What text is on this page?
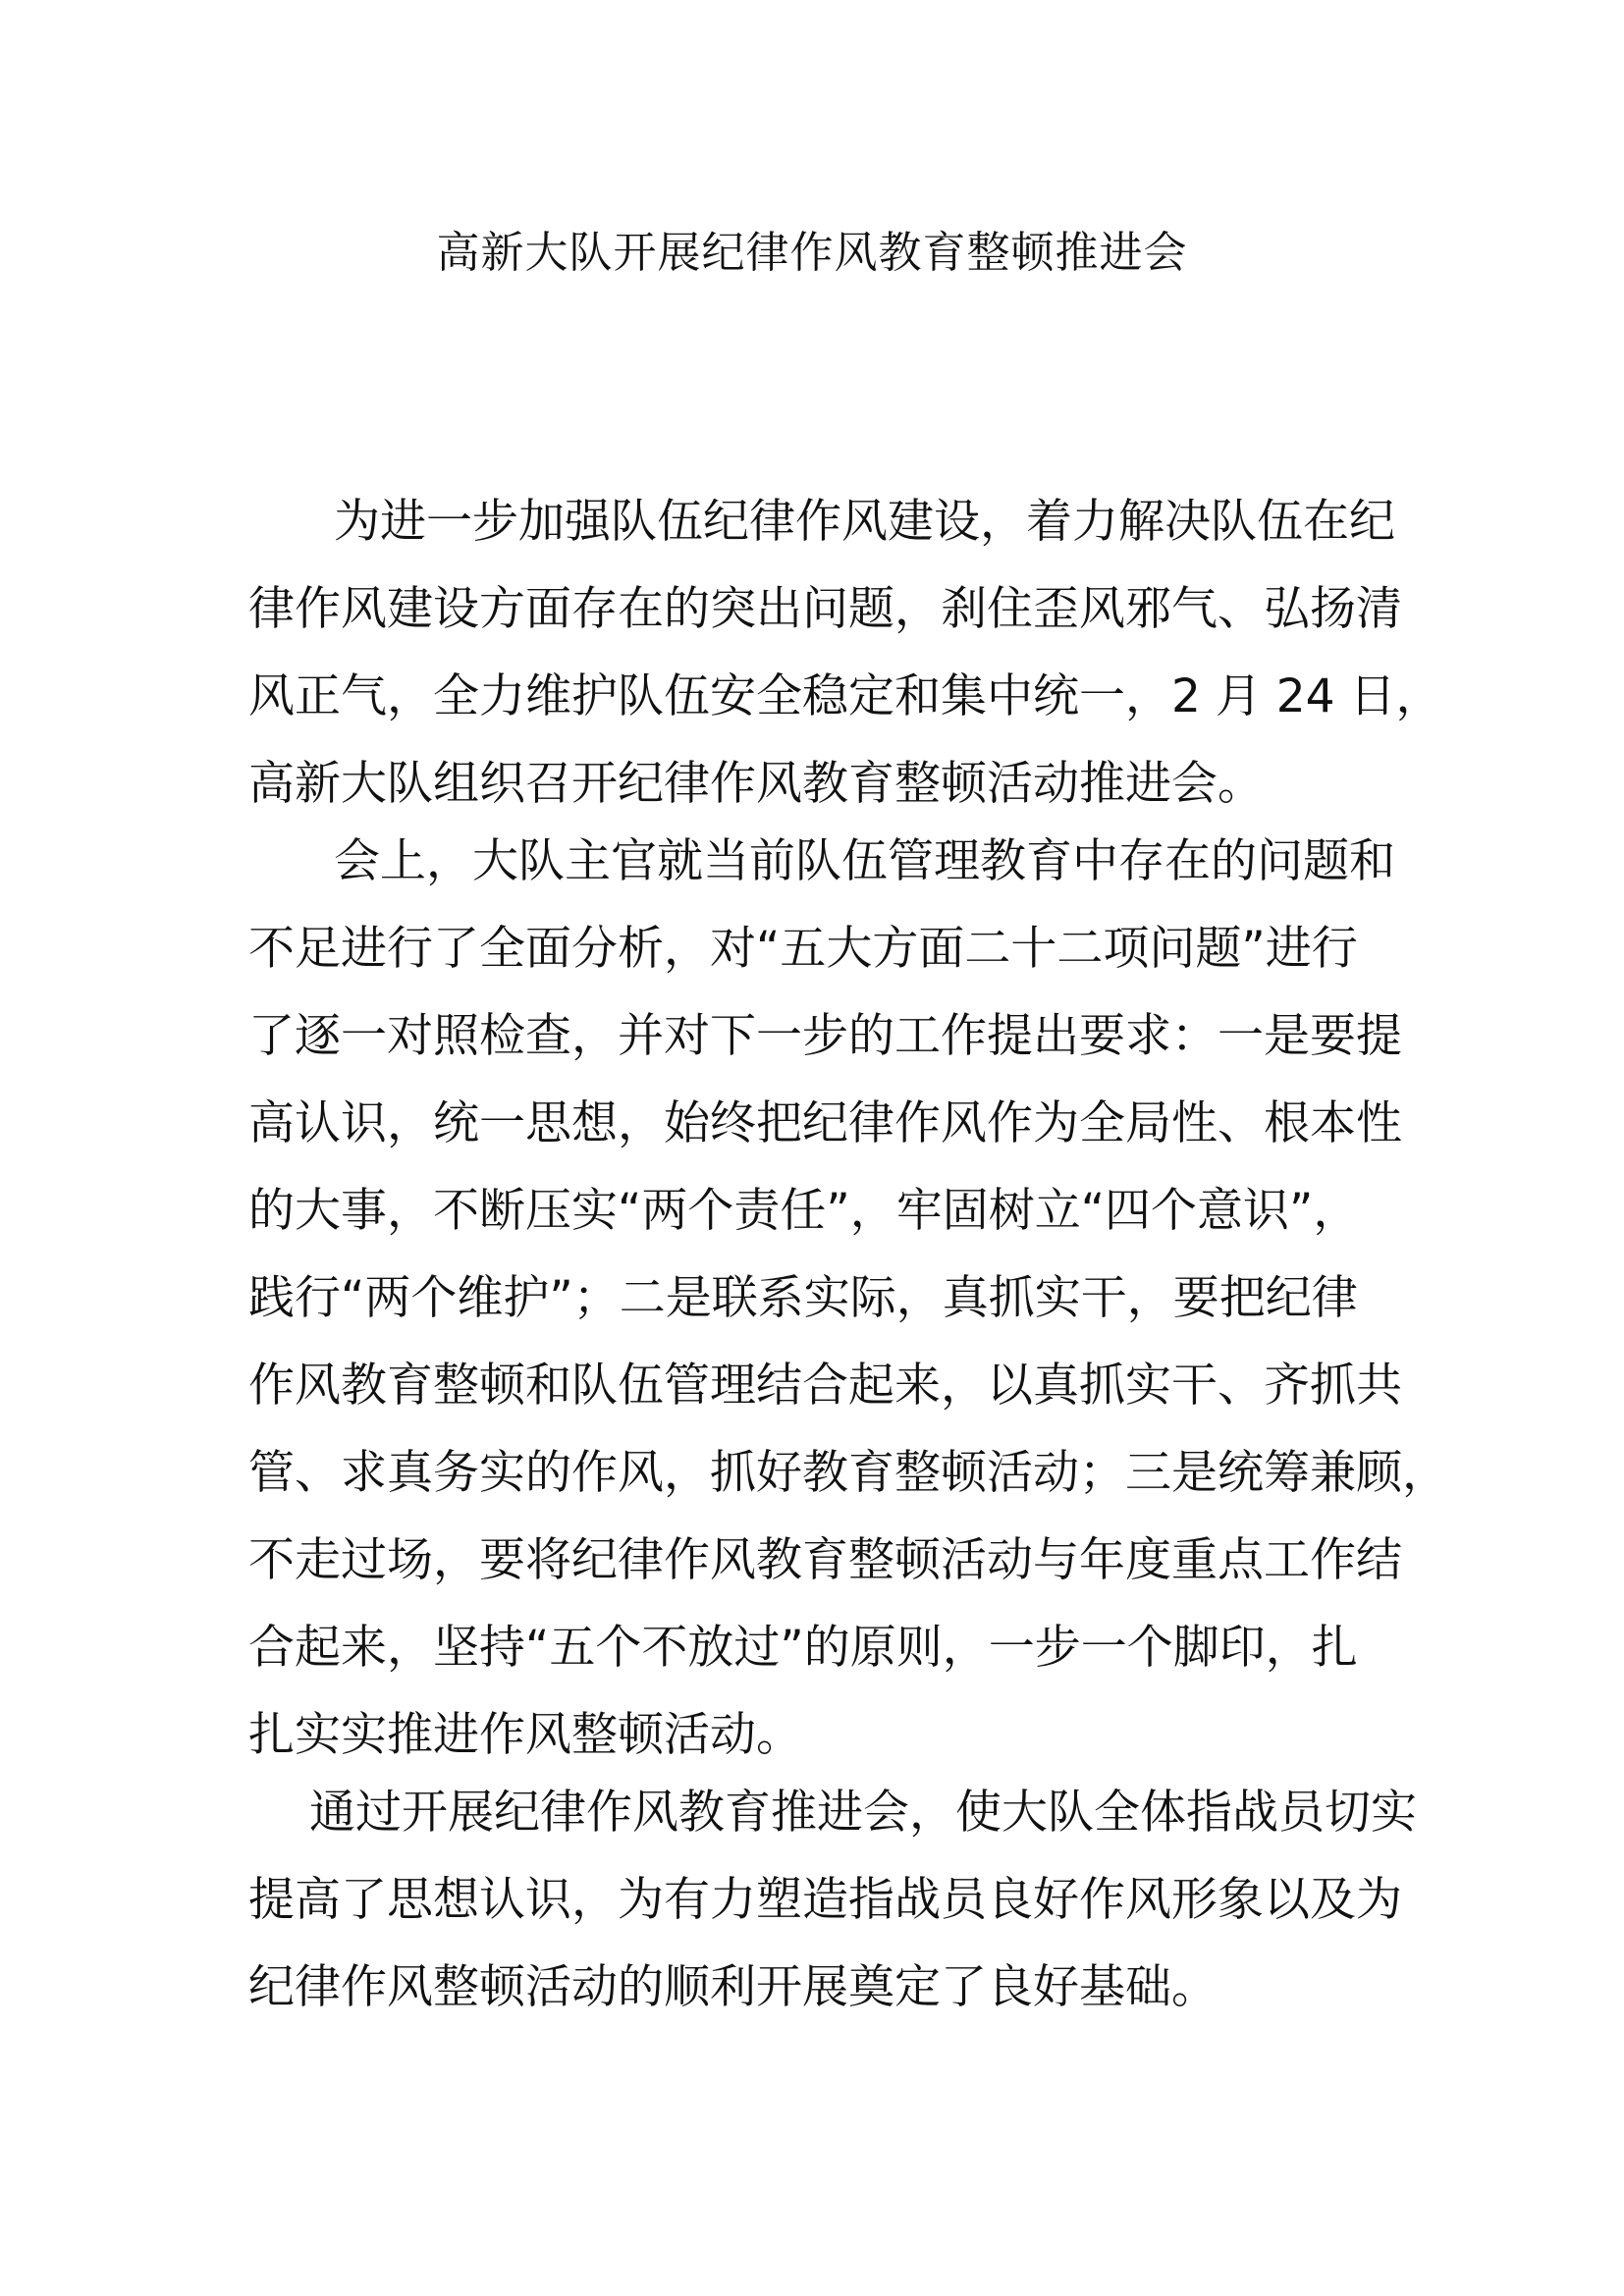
高新大队开展纪律作风教育整顿推进会

为进一步加强队伍纪律作风建设，着力解决队伍在纪

律作风建设方面存在的突出问题，刹住歪风邪气、弘扬清

风正气，全力维护队伍安全稳定和集中统一，2 月 24 日，

高新大队组织召开纪律作风教育整顿活动推进会。

会上，大队主官就当前队伍管理教育中存在的问题和

不足进行了全面分析，对“五大方面二十二项问题”进行

了逐一对照检查，并对下一步的工作提出要求：一是要提

高认识，统一思想，始终把纪律作风作为全局性、根本性

的大事，不断压实“两个责任”，牢固树立“四个意识”，

践行“两个维护”；二是联系实际，真抓实干，要把纪律

作风教育整顿和队伍管理结合起来，以真抓实干、齐抓共

管、求真务实的作风，抓好教育整顿活动；三是统筹兼顾，

不走过场，要将纪律作风教育整顿活动与年度重点工作结

合起来，坚持“五个不放过”的原则，一步一个脚印，扎

扎实实推进作风整顿活动。

通过开展纪律作风教育推进会，使大队全体指战员切实

提高了思想认识，为有力塑造指战员良好作风形象以及为

纪律作风整顿活动的顺利开展奠定了良好基础。
